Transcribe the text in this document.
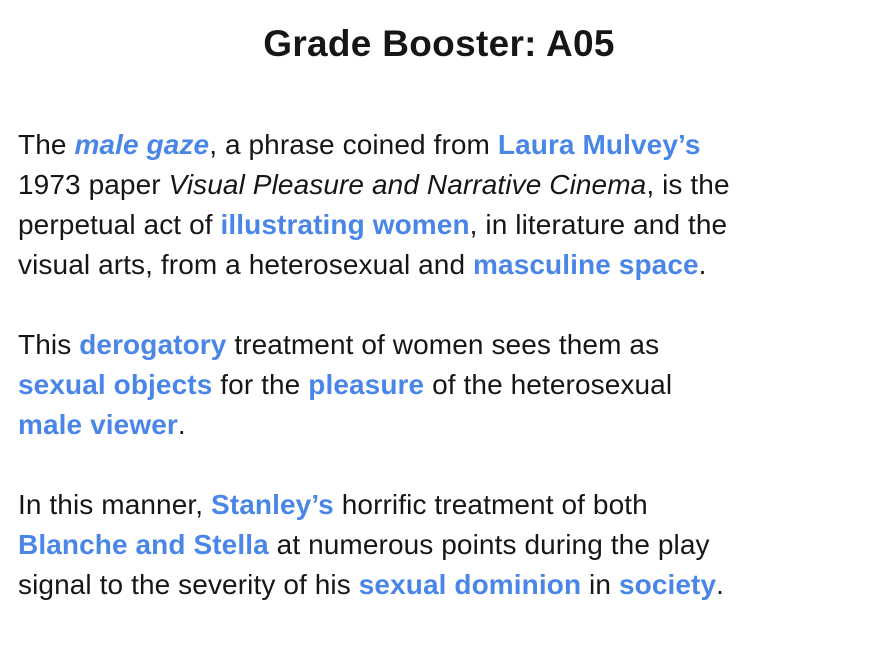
Grade Booster: A05
The male gaze, a phrase coined from Laura Mulvey’s
1973 paper Visual Pleasure and Narrative Cinema, is the
perpetual act of illustrating women, in literature and the
visual arts, from a heterosexual and masculine space.
This derogatory treatment of women sees them as
sexual objects for the pleasure of the heterosexual
male viewer.
In this manner, Stanley’s horrific treatment of both
Blanche and Stella at numerous points during the play
signal to the severity of his sexual dominion in society.
